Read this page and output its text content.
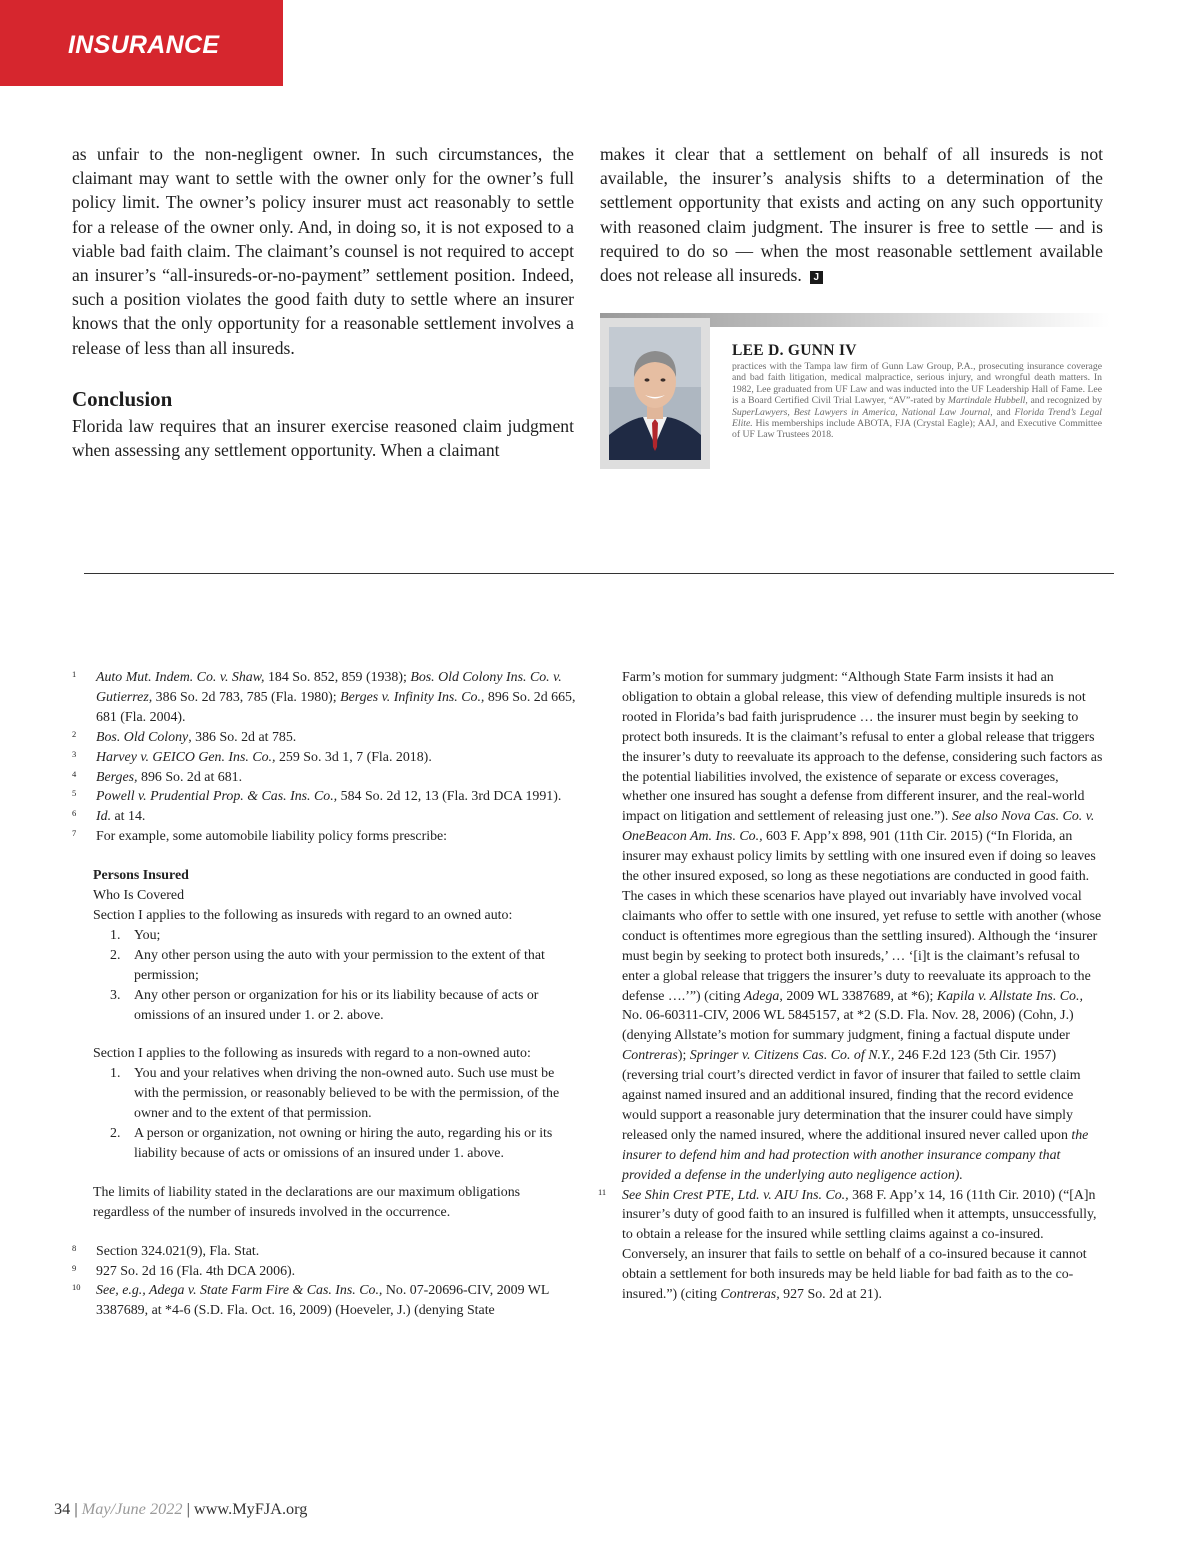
INSURANCE

as unfair to the non-negligent owner. In such circumstances, the claimant may want to settle with the owner only for the owner’s full policy limit. The owner’s policy insurer must act reasonably to settle for a release of the owner only. And, in doing so, it is not exposed to a viable bad faith claim. The claimant’s counsel is not required to accept an insurer’s “all-insureds-or-no-payment” settlement position. Indeed, such a position violates the good faith duty to settle where an insurer knows that the only opportunity for a reasonable settlement involves a release of less than all insureds.

Conclusion

Florida law requires that an insurer exercise reasoned claim judgment when assessing any settlement opportunity. When a claimant

makes it clear that a settlement on behalf of all insureds is not available, the insurer’s analysis shifts to a determination of the settlement opportunity that exists and acting on any such opportunity with reasoned claim judgment. The insurer is free to settle — and is required to do so — when the most reasonable settlement available does not release all insureds. J

LEE D. GUNN IV

practices with the Tampa law firm of Gunn Law Group, P.A., prosecuting insurance coverage and bad faith litigation, medical malpractice, serious injury, and wrongful death matters. In 1982, Lee graduated from UF Law and was inducted into the UF Leadership Hall of Fame. Lee is a Board Certified Civil Trial Lawyer, “AV”-rated by Martindale Hubbell, and recognized by SuperLawyers, Best Lawyers in America, National Law Journal, and Florida Trend’s Legal Elite. His memberships include ABOTA, FJA (Crystal Eagle); AAJ, and Executive Committee of UF Law Trustees 2018.

1 Auto Mut. Indem. Co. v. Shaw, 184 So. 852, 859 (1938); Bos. Old Colony Ins. Co. v. Gutierrez, 386 So. 2d 783, 785 (Fla. 1980); Berges v. Infinity Ins. Co., 896 So. 2d 665, 681 (Fla. 2004).

2 Bos. Old Colony, 386 So. 2d at 785.

3 Harvey v. GEICO Gen. Ins. Co., 259 So. 3d 1, 7 (Fla. 2018).

4 Berges, 896 So. 2d at 681.

5 Powell v. Prudential Prop. & Cas. Ins. Co., 584 So. 2d 12, 13 (Fla. 3rd DCA 1991).

6 Id. at 14.

7 For example, some automobile liability policy forms prescribe:

Persons Insured

Who Is Covered

Section I applies to the following as insureds with regard to an owned auto:

1. You;

2. Any other person using the auto with your permission to the extent of that permission;

3. Any other person or organization for his or its liability because of acts or omissions of an insured under 1. or 2. above.

Section I applies to the following as insureds with regard to a non-owned auto:

1. You and your relatives when driving the non-owned auto. Such use must be with the permission, or reasonably believed to be with the permission, of the owner and to the extent of that permission.

2. A person or organization, not owning or hiring the auto, regarding his or its liability because of acts or omissions of an insured under 1. above.

The limits of liability stated in the declarations are our maximum obligations regardless of the number of insureds involved in the occurrence.

8 Section 324.021(9), Fla. Stat.

9 927 So. 2d 16 (Fla. 4th DCA 2006).

10 See, e.g., Adega v. State Farm Fire & Cas. Ins. Co., No. 07-20696-CIV, 2009 WL 3387689, at *4-6 (S.D. Fla. Oct. 16, 2009) (Hoeveler, J.) (denying State

Farm’s motion for summary judgment: “Although State Farm insists it had an obligation to obtain a global release, this view of defending multiple insureds is not rooted in Florida’s bad faith jurisprudence … the insurer must begin by seeking to protect both insureds. It is the claimant’s refusal to enter a global release that triggers the insurer’s duty to reevaluate its approach to the defense, considering such factors as the potential liabilities involved, the existence of separate or excess coverages, whether one insured has sought a defense from different insurer, and the real-world impact on litigation and settlement of releasing just one.”). See also Nova Cas. Co. v. OneBeacon Am. Ins. Co., 603 F. App’x 898, 901 (11th Cir. 2015) (“In Florida, an insurer may exhaust policy limits by settling with one insured even if doing so leaves the other insured exposed, so long as these negotiations are conducted in good faith. The cases in which these scenarios have played out invariably have involved vocal claimants who offer to settle with one insured, yet refuse to settle with another (whose conduct is oftentimes more egregious than the settling insured). Although the ‘insurer must begin by seeking to protect both insureds,’ … ‘[i]t is the claimant’s refusal to enter a global release that triggers the insurer’s duty to reevaluate its approach to the defense ….’”) (citing Adega, 2009 WL 3387689, at *6); Kapila v. Allstate Ins. Co., No. 06-60311-CIV, 2006 WL 5845157, at *2 (S.D. Fla. Nov. 28, 2006) (Cohn, J.) (denying Allstate’s motion for summary judgment, fining a factual dispute under Contreras); Springer v. Citizens Cas. Co. of N.Y., 246 F.2d 123 (5th Cir. 1957) (reversing trial court’s directed verdict in favor of insurer that failed to settle claim against named insured and an additional insured, finding that the record evidence would support a reasonable jury determination that the insurer could have simply released only the named insured, where the additional insured never called upon the insurer to defend him and had protection with another insurance company that provided a defense in the underlying auto negligence action).

11 See Shin Crest PTE, Ltd. v. AIU Ins. Co., 368 F. App’x 14, 16 (11th Cir. 2010) (“[A]n insurer’s duty of good faith to an insured is fulfilled when it attempts, unsuccessfully, to obtain a release for the insured while settling claims against a co-insured. Conversely, an insurer that fails to settle on behalf of a co-insured because it cannot obtain a settlement for both insureds may be held liable for bad faith as to the co-insured.”) (citing Contreras, 927 So. 2d at 21).

34 | May/June 2022 | www.MyFJA.org
